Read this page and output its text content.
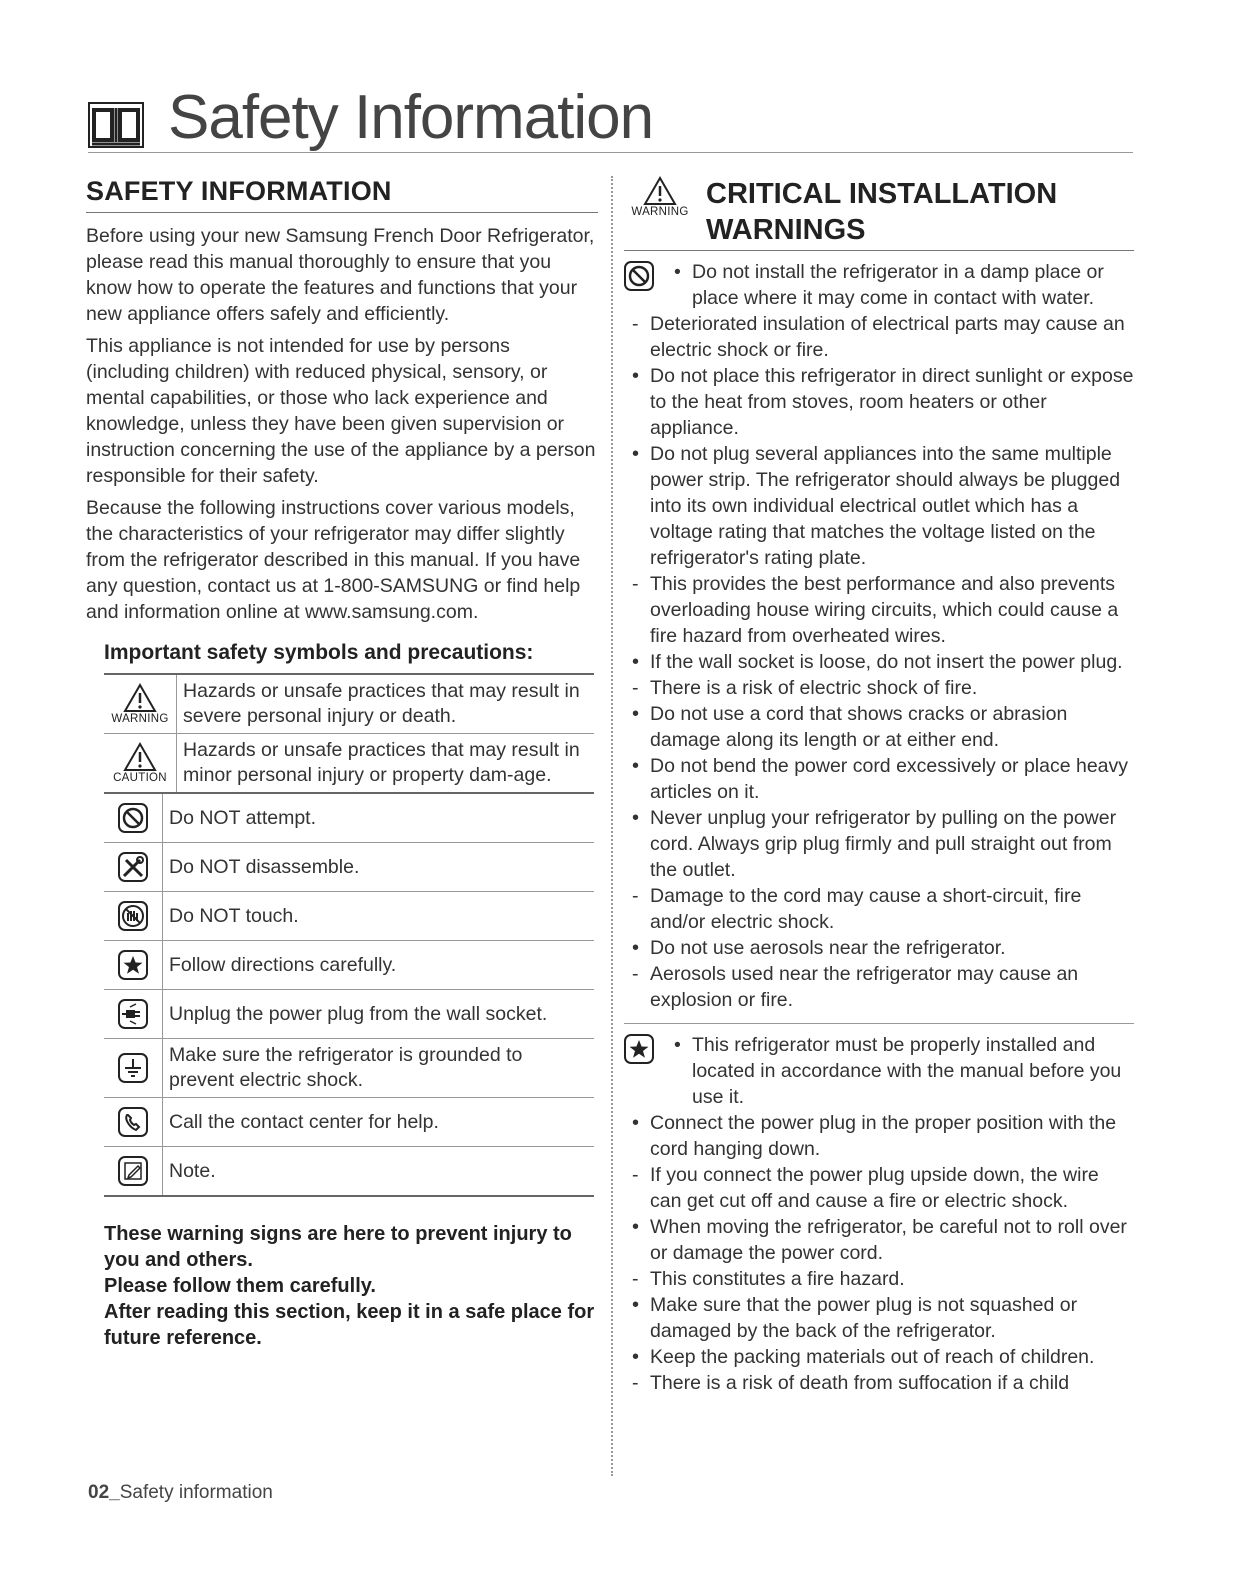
Safety Information
SAFETY INFORMATION

Before using your new Samsung French Door Refrigerator, please read this manual thoroughly to ensure that you know how to operate the features and functions that your new appliance offers safely and efficiently.

This appliance is not intended for use by persons (including children) with reduced physical, sensory, or mental capabilities, or those who lack experience and knowledge, unless they have been given supervision or instruction concerning the use of the appliance by a person responsible for their safety.

Because the following instructions cover various models, the characteristics of your refrigerator may differ slightly from the refrigerator described in this manual. If you have any question, contact us at 1-800-SAMSUNG or find help and information online at www.samsung.com.

Important safety symbols and precautions:
WARNING
Hazards or unsafe practices that may result in severe personal injury or death.
CAUTION
Hazards or unsafe practices that may result in minor personal injury or property dam-age.
Do NOT attempt.
Do NOT disassemble.
Do NOT touch.
Follow directions carefully.
Unplug the power plug from the wall socket.
Make sure the refrigerator is grounded to prevent electric shock.
Call the contact center for help.
Note.
These warning signs are here to prevent injury to you and others.
Please follow them carefully.
After reading this section, keep it in a safe place for future reference.
WARNING
CRITICAL INSTALLATION
WARNINGS
• Do not install the refrigerator in a damp place or place where it may come in contact with water.
- Deteriorated insulation of electrical parts may cause an electric shock or fire.
• Do not place this refrigerator in direct sunlight or expose to the heat from stoves, room heaters or other appliance.
• Do not plug several appliances into the same multiple power strip. The refrigerator should always be plugged into its own individual electrical outlet which has a voltage rating that matches the voltage listed on the refrigerator's rating plate.
- This provides the best performance and also prevents overloading house wiring circuits, which could cause a fire hazard from overheated wires.
• If the wall socket is loose, do not insert the power plug.
- There is a risk of electric shock of fire.
• Do not use a cord that shows cracks or abrasion damage along its length or at either end.
• Do not bend the power cord excessively or place heavy articles on it.
• Never unplug your refrigerator by pulling on the power cord. Always grip plug firmly and pull straight out from the outlet.
- Damage to the cord may cause a short-circuit, fire and/or electric shock.
• Do not use aerosols near the refrigerator.
- Aerosols used near the refrigerator may cause an explosion or fire.
• This refrigerator must be properly installed and located in accordance with the manual before you use it.
• Connect the power plug in the proper position with the cord hanging down.
- If you connect the power plug upside down, the wire can get cut off and cause a fire or electric shock.
• When moving the refrigerator, be careful not to roll over or damage the power cord.
- This constitutes a fire hazard.
• Make sure that the power plug is not squashed or damaged by the back of the refrigerator.
• Keep the packing materials out of reach of children.
- There is a risk of death from suffocation if a child
02_Safety information
